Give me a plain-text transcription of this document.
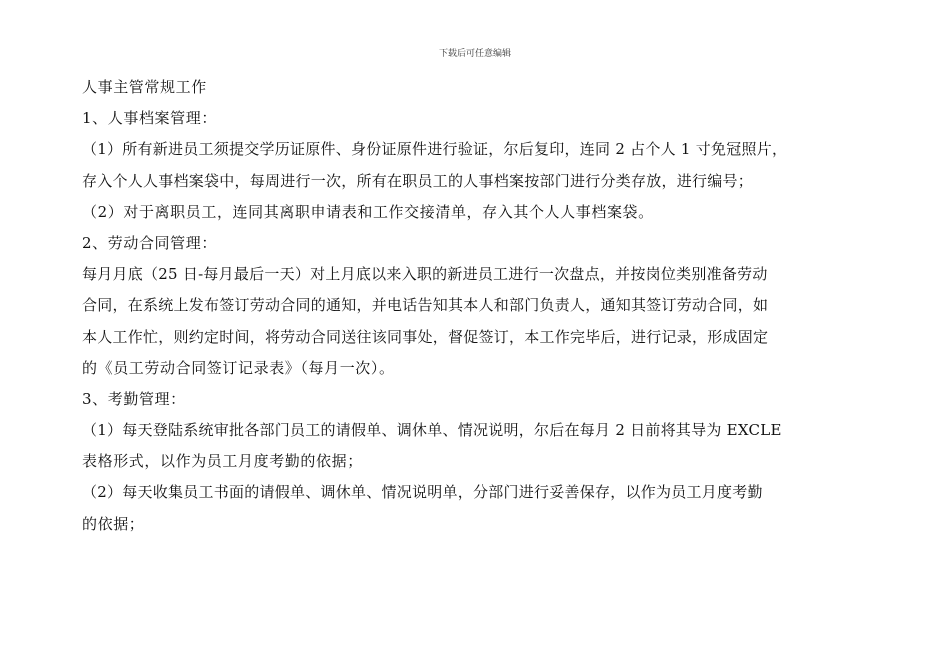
下载后可任意编辑
人事主管常规工作
1、人事档案管理：
（1）所有新进员工须提交学历证原件、身份证原件进行验证，尔后复印，连同 2 占个人 1 寸免冠照片，
存入个人人事档案袋中，每周进行一次，所有在职员工的人事档案按部门进行分类存放，进行编号；
（2）对于离职员工，连同其离职申请表和工作交接清单，存入其个人人事档案袋。
2、劳动合同管理：
每月月底（25 日-每月最后一天）对上月底以来入职的新进员工进行一次盘点，并按岗位类别准备劳动
合同，在系统上发布签订劳动合同的通知，并电话告知其本人和部门负责人，通知其签订劳动合同，如
本人工作忙，则约定时间，将劳动合同送往该同事处，督促签订，本工作完毕后，进行记录，形成固定
的《员工劳动合同签订记录表》（每月一次）。
3、考勤管理：
（1）每天登陆系统审批各部门员工的请假单、调休单、情况说明，尔后在每月 2 日前将其导为 EXCLE
表格形式，以作为员工月度考勤的依据；
（2）每天收集员工书面的请假单、调休单、情况说明单，分部门进行妥善保存，以作为员工月度考勤
的依据；
